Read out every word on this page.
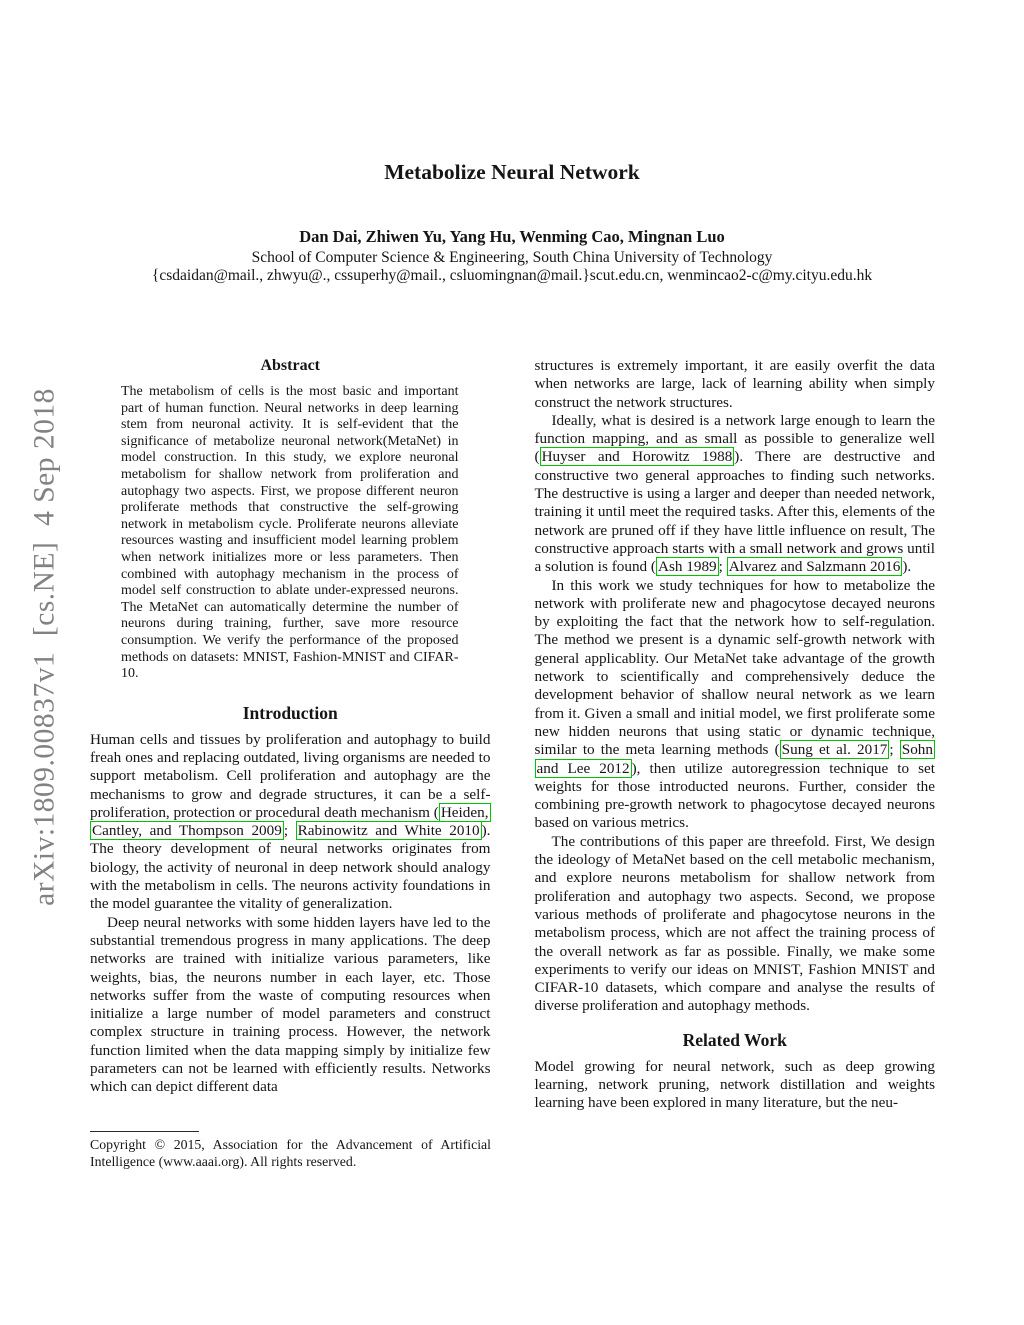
arXiv:1809.00837v1  [cs.NE]  4 Sep 2018
Metabolize Neural Network
Dan Dai, Zhiwen Yu, Yang Hu, Wenming Cao, Mingnan Luo
School of Computer Science & Engineering, South China University of Technology
{csdaidan@mail., zhwyu@., cssuperhy@mail., csluomingnan@mail.}scut.edu.cn, wenmincao2-c@my.cityu.edu.hk
Abstract

The metabolism of cells is the most basic and important part of human function. Neural networks in deep learning stem from neuronal activity. It is self-evident that the significance of metabolize neuronal network(MetaNet) in model construction. In this study, we explore neuronal metabolism for shallow network from proliferation and autophagy two aspects. First, we propose different neuron proliferate methods that constructive the self-growing network in metabolism cycle. Proliferate neurons alleviate resources wasting and insufficient model learning problem when network initializes more or less parameters. Then combined with autophagy mechanism in the process of model self construction to ablate under-expressed neurons. The MetaNet can automatically determine the number of neurons during training, further, save more resource consumption. We verify the performance of the proposed methods on datasets: MNIST, Fashion-MNIST and CIFAR-10.

Introduction

Human cells and tissues by proliferation and autophagy to build freah ones and replacing outdated, living organisms are needed to support metabolism. Cell proliferation and autophagy are the mechanisms to grow and degrade structures, it can be a self-proliferation, protection or procedural death mechanism ( Heiden, Cantley, and Thompson 2009 ; Rabinowitz and White 2010 ). The theory development of neural networks originates from biology, the activity of neuronal in deep network should analogy with the metabolism in cells. The neurons activity foundations in the model guarantee the vitality of generalization.

Deep neural networks with some hidden layers have led to the substantial tremendous progress in many applications. The deep networks are trained with initialize various parameters, like weights, bias, the neurons number in each layer, etc. Those networks suffer from the waste of computing resources when initialize a large number of model parameters and construct complex structure in training process. However, the network function limited when the data mapping simply by initialize few parameters can not be learned with efficiently results. Networks which can depict different data

structures is extremely important, it are easily overfit the data when networks are large, lack of learning ability when simply construct the network structures.

Ideally, what is desired is a network large enough to learn the function mapping, and as small as possible to generalize well ( Huyser and Horowitz 1988 ). There are destructive and constructive two general approaches to finding such networks. The destructive is using a larger and deeper than needed network, training it until meet the required tasks. After this, elements of the network are pruned off if they have little influence on result, The constructive approach starts with a small network and grows until a solution is found ( Ash 1989 ; Alvarez and Salzmann 2016 ).

In this work we study techniques for how to metabolize the network with proliferate new and phagocytose decayed neurons by exploiting the fact that the network how to self-regulation. The method we present is a dynamic self-growth network with general applicablity. Our MetaNet take advantage of the growth network to scientifically and comprehensively deduce the development behavior of shallow neural network as we learn from it. Given a small and initial model, we first proliferate some new hidden neurons that using static or dynamic technique, similar to the meta learning methods ( Sung et al. 2017 ; Sohn and Lee 2012 ), then utilize autoregression technique to set weights for those introducted neurons. Further, consider the combining pre-growth network to phagocytose decayed neurons based on various metrics.

The contributions of this paper are threefold. First, We design the ideology of MetaNet based on the cell metabolic mechanism, and explore neurons metabolism for shallow network from proliferation and autophagy two aspects. Second, we propose various methods of proliferate and phagocytose neurons in the metabolism process, which are not affect the training process of the overall network as far as possible. Finally, we make some experiments to verify our ideas on MNIST, Fashion MNIST and CIFAR-10 datasets, which compare and analyse the results of diverse proliferation and autophagy methods.

Related Work

Model growing for neural network, such as deep growing learning, network pruning, network distillation and weights learning have been explored in many literature, but the neu-

Copyright © 2015, Association for the Advancement of Artificial Intelligence (www.aaai.org). All rights reserved.
